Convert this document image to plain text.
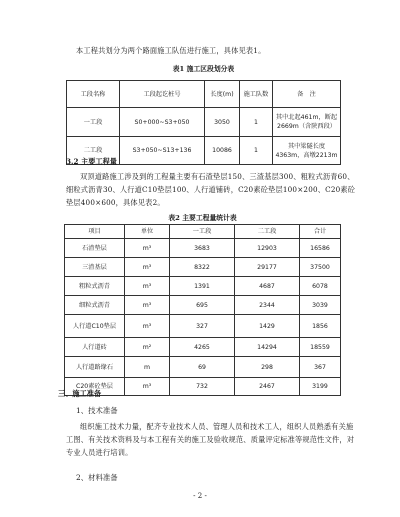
本工程共划分为两个路面施工队伍进行施工，具体见表1。
表1 施工区段划分表
工段名称	工段起讫桩号	长度(m)	施工队数	备　注
一工段	S0+000~S3+050	3050	1	其中北起461m，断起2669m（含陕西段）
二工段	S3+050~S13+136	10086	1	其中梁隧长度4363m，高墩2213m
3.2 主要工程量
双顶道路施工涉及到的工程量主要有石渣垫层150、三渣基层300、粗粒式沥青60、细粒式沥青30、人行道C10垫层100、人行道铺砖，C20素砼垫层100×200、C20素砼垫层400×600，具体见表2。
表2 主要工程量统计表
项目	单位	一工段	二工段	合计
石渣垫层	m³	3683	12903	16586
三渣基层	m³	8322	29177	37500
粗粒式沥青	m³	1391	4687	6078
细粒式沥青	m³	695	2344	3039
人行道C10垫层	m³	327	1429	1856
人行道砖	m²	4265	14294	18559
人行道路缘石	m	69	298	367
C20素砼垫层	m³	732	2467	3199
三、施工准备
1、技术准备
组织施工技术力量，配齐专业技术人员、管理人员和技术工人，组织人员熟悉有关施工图、有关技术资料及与本工程有关的施工及验收规范、质量评定标准等规范性文件，对专业人员进行培训。
2、材料准备
- 2 -
